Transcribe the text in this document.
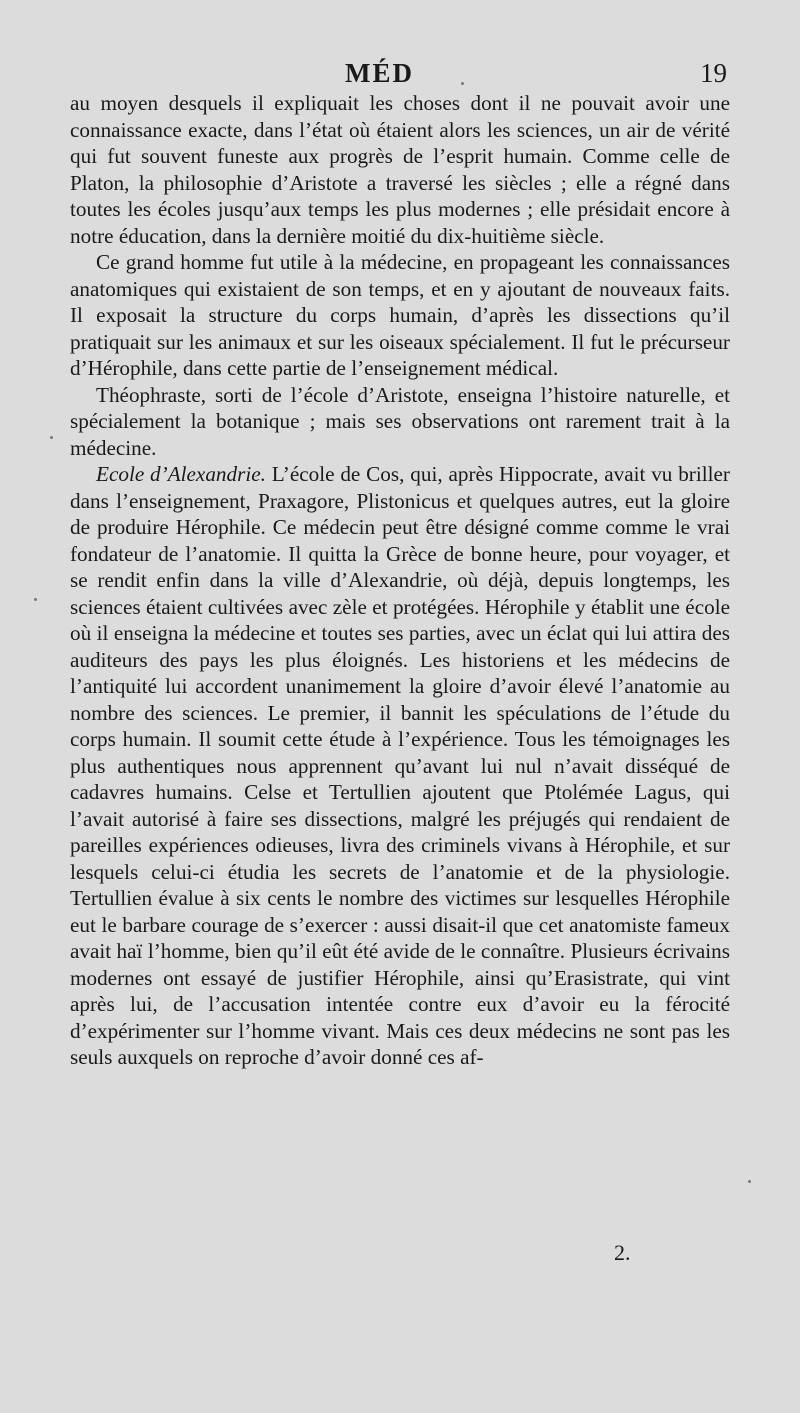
MÉD	19

au moyen desquels il expliquait les choses dont il ne pouvait avoir une connaissance exacte, dans l’état où étaient alors les sciences, un air de vérité qui fut souvent funeste aux progrès de l’esprit humain. Comme celle de Platon, la philosophie d’Aristote a traversé les siècles ; elle a régné dans toutes les écoles jusqu’aux temps les plus modernes ; elle présidait encore à notre éducation, dans la dernière moitié du dix-huitième siècle.

Ce grand homme fut utile à la médecine, en propageant les connaissances anatomiques qui existaient de son temps, et en y ajoutant de nouveaux faits. Il exposait la structure du corps humain, d’après les dissections qu’il pratiquait sur les animaux et sur les oiseaux spécialement. Il fut le précurseur d’Hérophile, dans cette partie de l’enseignement médical.

Théophraste, sorti de l’école d’Aristote, enseigna l’histoire naturelle, et spécialement la botanique ; mais ses observations ont rarement trait à la médecine.

Ecole d’Alexandrie. L’école de Cos, qui, après Hippocrate, avait vu briller dans l’enseignement, Praxagore, Plistonicus et quelques autres, eut la gloire de produire Hérophile. Ce médecin peut être désigné comme comme le vrai fondateur de l’anatomie. Il quitta la Grèce de bonne heure, pour voyager, et se rendit enfin dans la ville d’Alexandrie, où déjà, depuis longtemps, les sciences étaient cultivées avec zèle et protégées. Hérophile y établit une école où il enseigna la médecine et toutes ses parties, avec un éclat qui lui attira des auditeurs des pays les plus éloignés. Les historiens et les médecins de l’antiquité lui accordent unanimement la gloire d’avoir élevé l’anatomie au nombre des sciences. Le premier, il bannit les spéculations de l’étude du corps humain. Il soumit cette étude à l’expérience. Tous les témoignages les plus authentiques nous apprennent qu’avant lui nul n’avait disséqué de cadavres humains. Celse et Tertullien ajoutent que Ptolémée Lagus, qui l’avait autorisé à faire ses dissections, malgré les préjugés qui rendaient de pareilles expériences odieuses, livra des criminels vivans à Hérophile, et sur lesquels celui-ci étudia les secrets de l’anatomie et de la physiologie. Tertullien évalue à six cents le nombre des victimes sur lesquelles Hérophile eut le barbare courage de s’exercer : aussi disait-il que cet anatomiste fameux avait haï l’homme, bien qu’il eût été avide de le connaître. Plusieurs écrivains modernes ont essayé de justifier Hérophile, ainsi qu’Erasistrate, qui vint après lui, de l’accusation intentée contre eux d’avoir eu la férocité d’expérimenter sur l’homme vivant. Mais ces deux médecins ne sont pas les seuls auxquels on reproche d’avoir donné ces af-

2.
